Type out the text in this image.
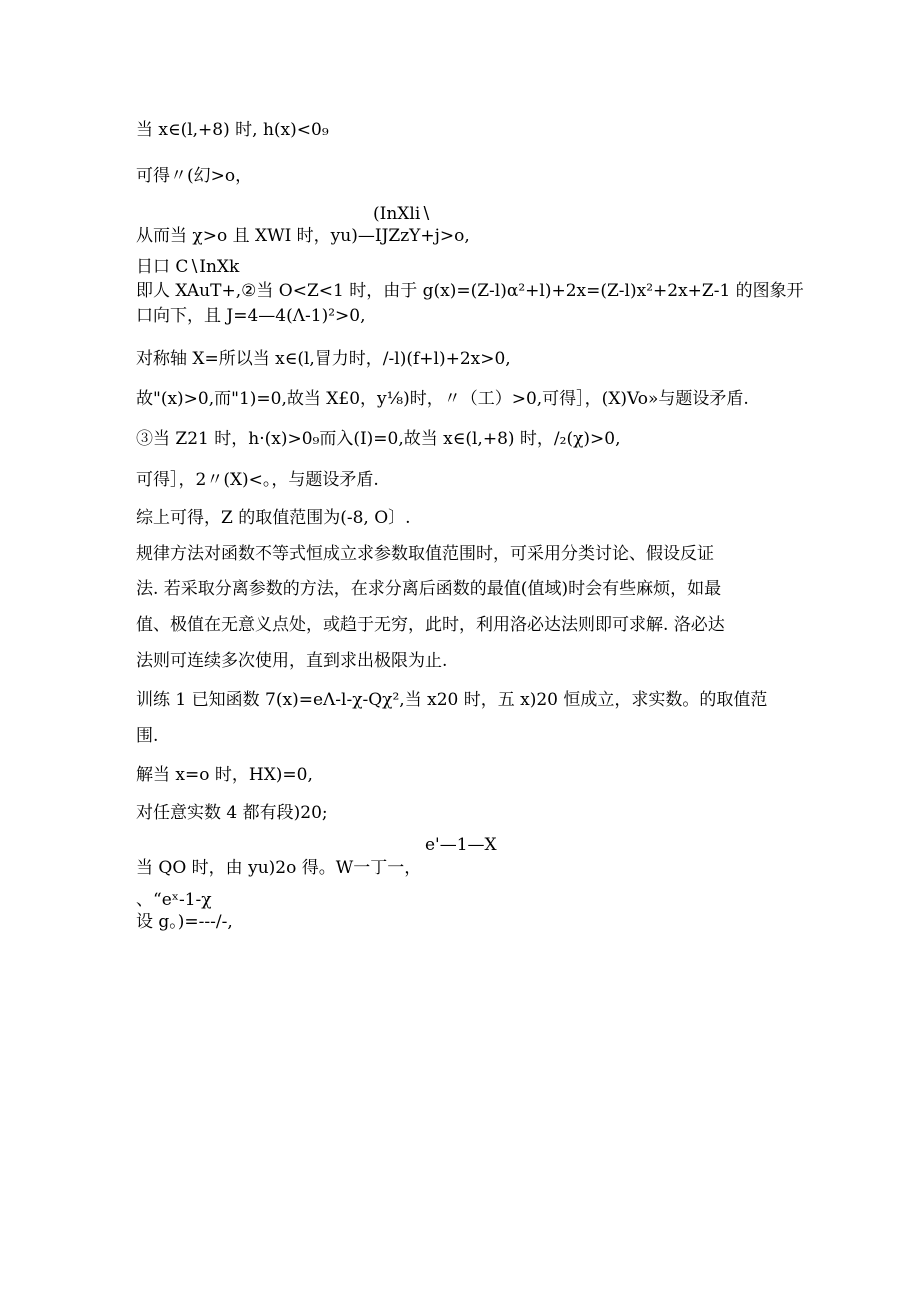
当 x∈(l,+8) 时, h(x)<0₉

可得〃(幻>o，

(InXli∖

从而当 χ>o 且 XWI 时，yu)—IJZzY+j>o,

日口 C∖InXk

即人 XAuT+,②当 O<Z<1 时，由于 g(x)=(Z-l)α²+l)+2x=(Z-l)x²+2x+Z-1 的图象开

口向下，且 J=4—4(Λ-1)²>0,

对称轴 X=所以当 x∈(l,冒力时，/-l)(f+l)+2x>0,

故"(x)>0,而"1)=0,故当 X£0，y⅛)时，〃（工）>0,可得］，(X)Vo»与题设矛盾.

③当 Z21 时，h·(x)>0₉而入(I)=0,故当 x∈(l,+8) 时，/₂(χ)>0,

可得］，2〃(X)<。，与题设矛盾.

综上可得，Z 的取值范围为(-8, O〕.

规律方法对函数不等式恒成立求参数取值范围时，可采用分类讨论、假设反证

法. 若采取分离参数的方法，在求分离后函数的最值(值域)时会有些麻烦，如最

值、极值在无意义点处，或趋于无穷，此时，利用洛必达法则即可求解. 洛必达

法则可连续多次使用，直到求出极限为止.

训练 1 已知函数 7(x)=eΛ-l-χ-Qχ²,当 x20 时，五 x)20 恒成立，求实数。的取值范

围.

解当 x=o 时，HX)=0,

对任意实数 4 都有段)20;

e'—1—X

当 QO 时，由 yu)2o 得。W一丁一，

、“eˣ-1-χ

设 g。)=---/-,
